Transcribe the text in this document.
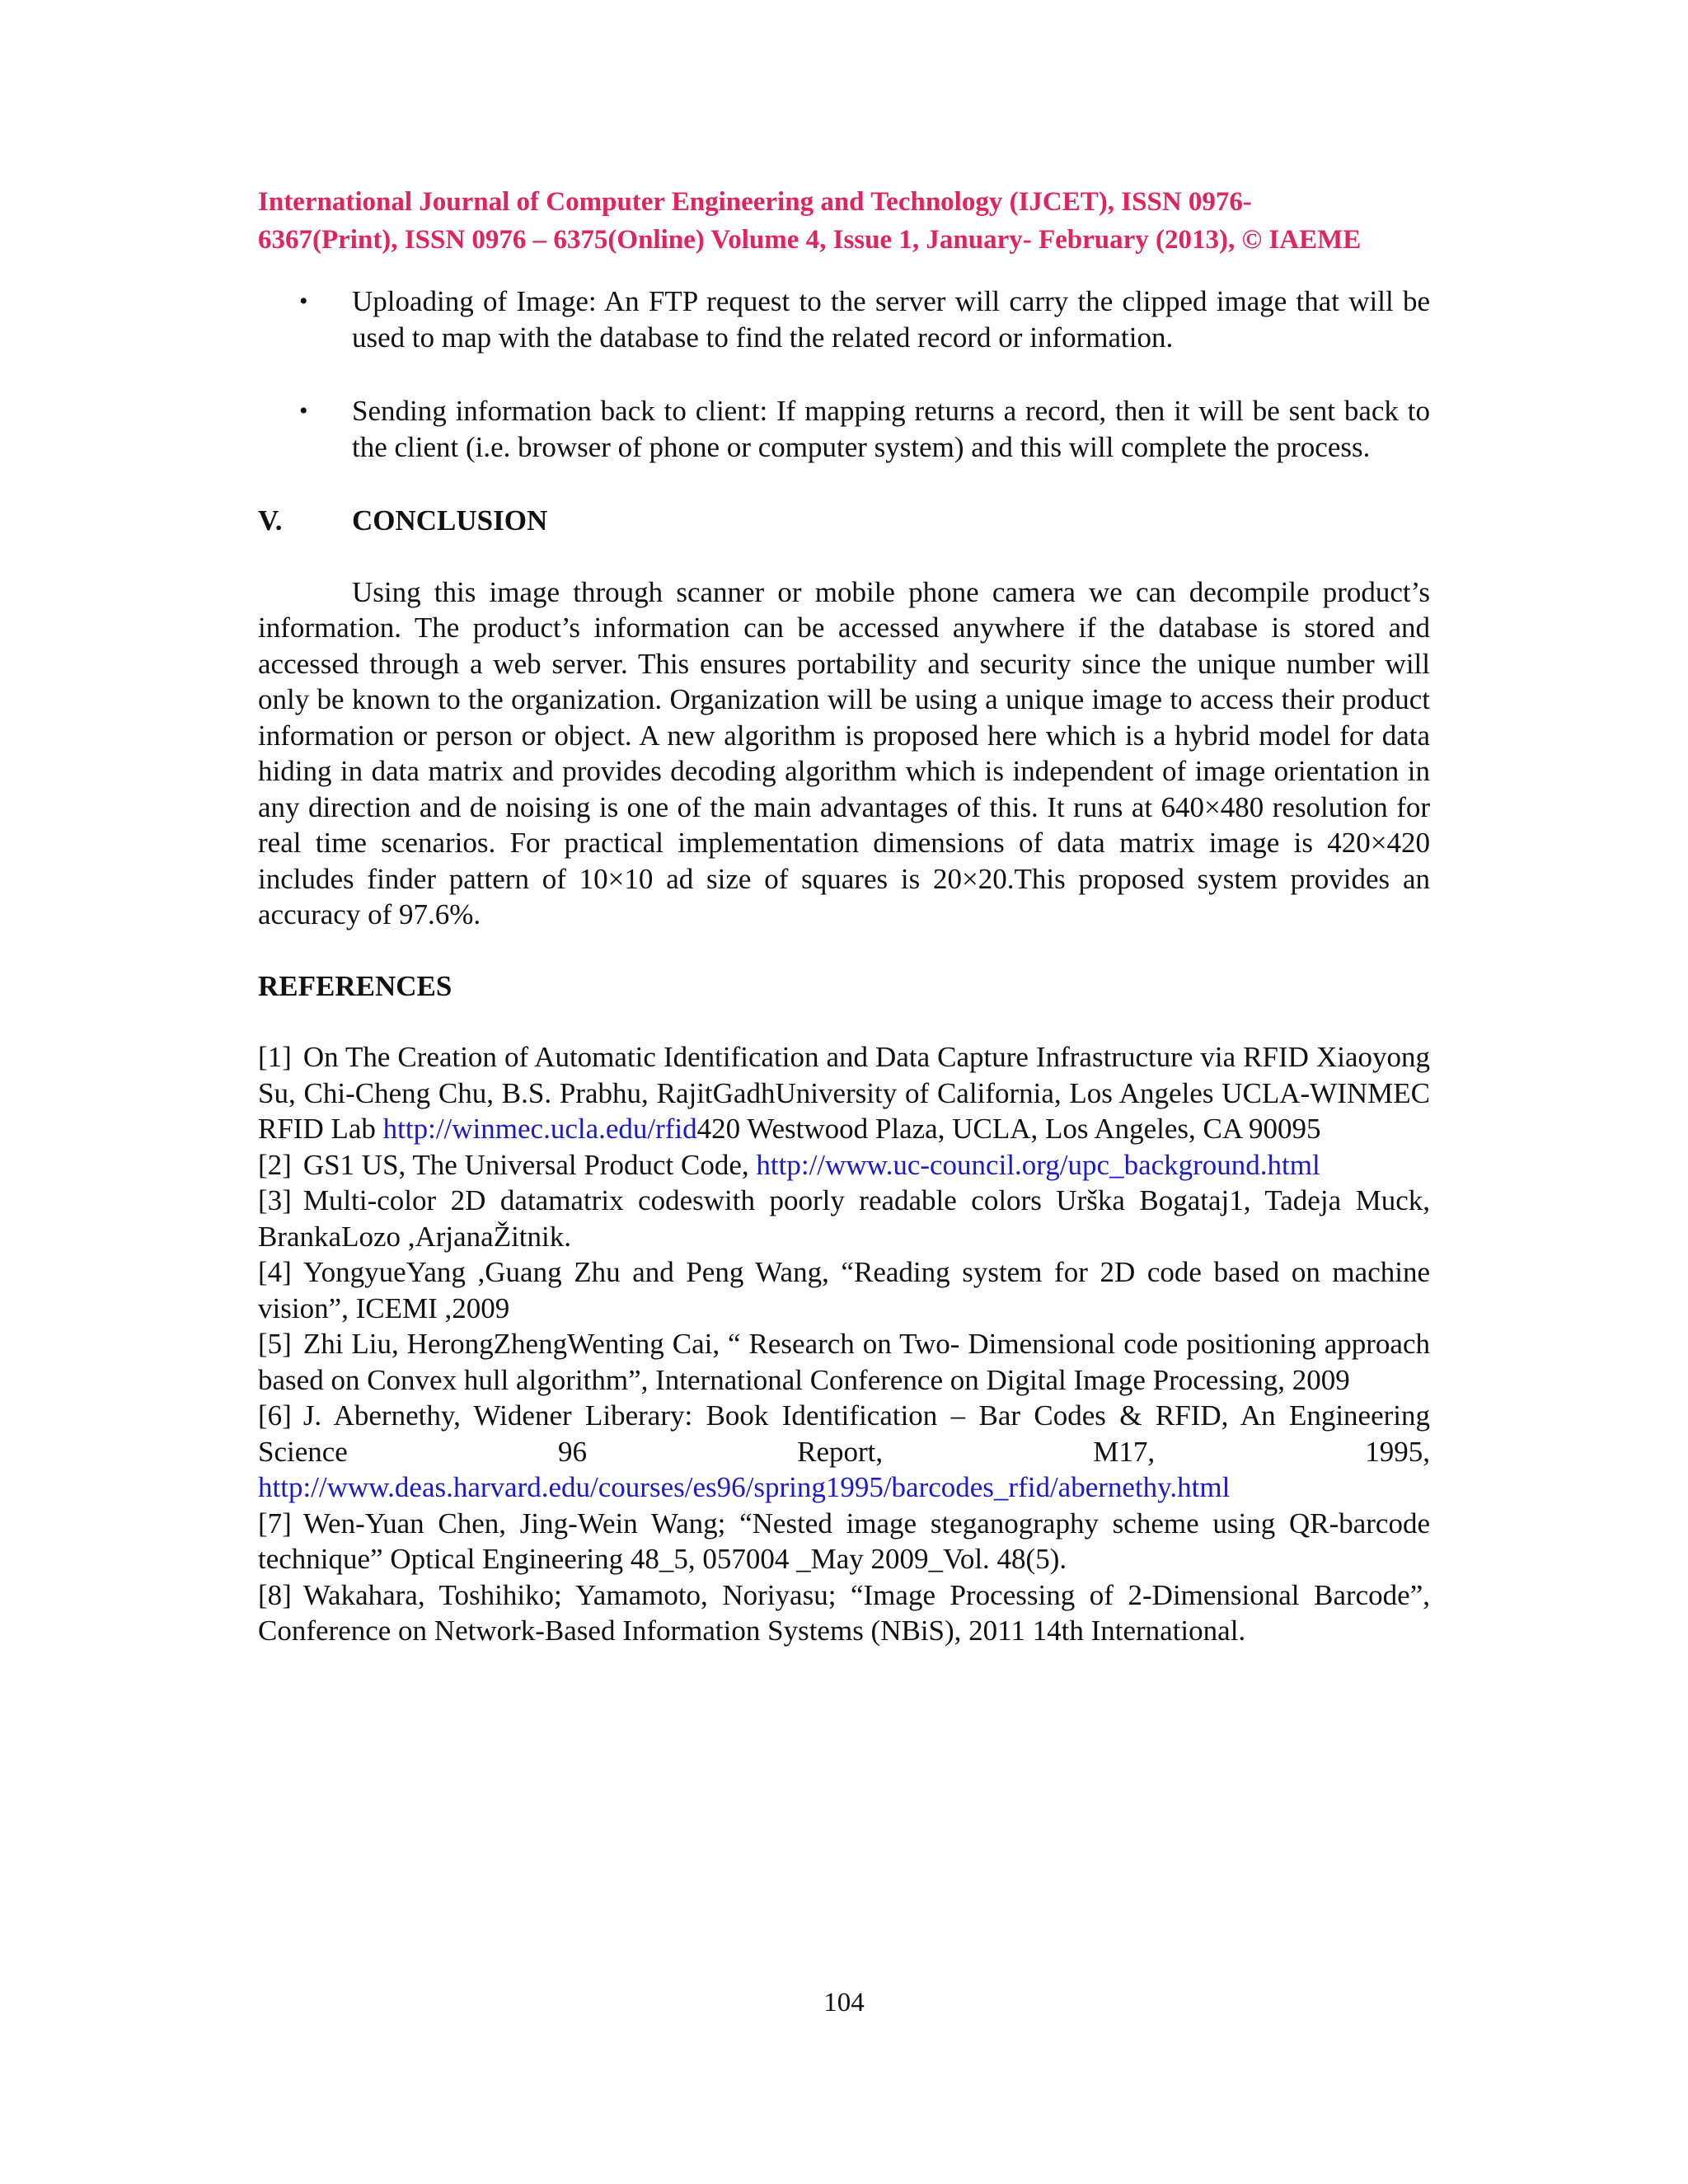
International Journal of Computer Engineering and Technology (IJCET), ISSN 0976-
6367(Print), ISSN 0976 – 6375(Online) Volume 4, Issue 1, January- February (2013), © IAEME
• Uploading of Image: An FTP request to the server will carry the clipped image that will be used to map with the database to find the related record or information.
• Sending information back to client: If mapping returns a record, then it will be sent back to the client (i.e. browser of phone or computer system) and this will complete the process.
V.	CONCLUSION

Using this image through scanner or mobile phone camera we can decompile product’s information. The product’s information can be accessed anywhere if the database is stored and accessed through a web server. This ensures portability and security since the unique number will only be known to the organization. Organization will be using a unique image to access their product information or person or object. A new algorithm is proposed here which is a hybrid model for data hiding in data matrix and provides decoding algorithm which is independent of image orientation in any direction and de noising is one of the main advantages of this. It runs at 640×480 resolution for real time scenarios. For practical implementation dimensions of data matrix image is 420×420 includes finder pattern of 10×10 ad size of squares is 20×20.This proposed system provides an accuracy of 97.6%.

REFERENCES

[1] On The Creation of Automatic Identification and Data Capture Infrastructure via RFID Xiaoyong Su, Chi-Cheng Chu, B.S. Prabhu, RajitGadhUniversity of California, Los Angeles UCLA-WINMEC RFID Lab http://winmec.ucla.edu/rfid420 Westwood Plaza, UCLA, Los Angeles, CA 90095

[2] GS1 US, The Universal Product Code, http://www.uc-council.org/upc_background.html

[3] Multi-color 2D datamatrix codeswith poorly readable colors Urška Bogataj1, Tadeja Muck, BrankaLozo ,ArjanaŽitnik.

[4] YongyueYang ,Guang Zhu and Peng Wang, “Reading system for 2D code based on machine vision”, ICEMI ,2009

[5] Zhi Liu, HerongZhengWenting Cai, “ Research on Two- Dimensional code positioning approach based on Convex hull algorithm”, International Conference on Digital Image Processing, 2009

[6] J. Abernethy, Widener Liberary: Book Identification – Bar Codes & RFID, An Engineering Science 96 Report, M17, 1995,

http://www.deas.harvard.edu/courses/es96/spring1995/barcodes_rfid/abernethy.html

[7] Wen-Yuan Chen, Jing-Wein Wang; “Nested image steganography scheme using QR-barcode technique” Optical Engineering 48_5, 057004 _May 2009_Vol. 48(5).

[8] Wakahara, Toshihiko; Yamamoto, Noriyasu; “Image Processing of 2-Dimensional Barcode”, Conference on Network-Based Information Systems (NBiS), 2011 14th International.

104
